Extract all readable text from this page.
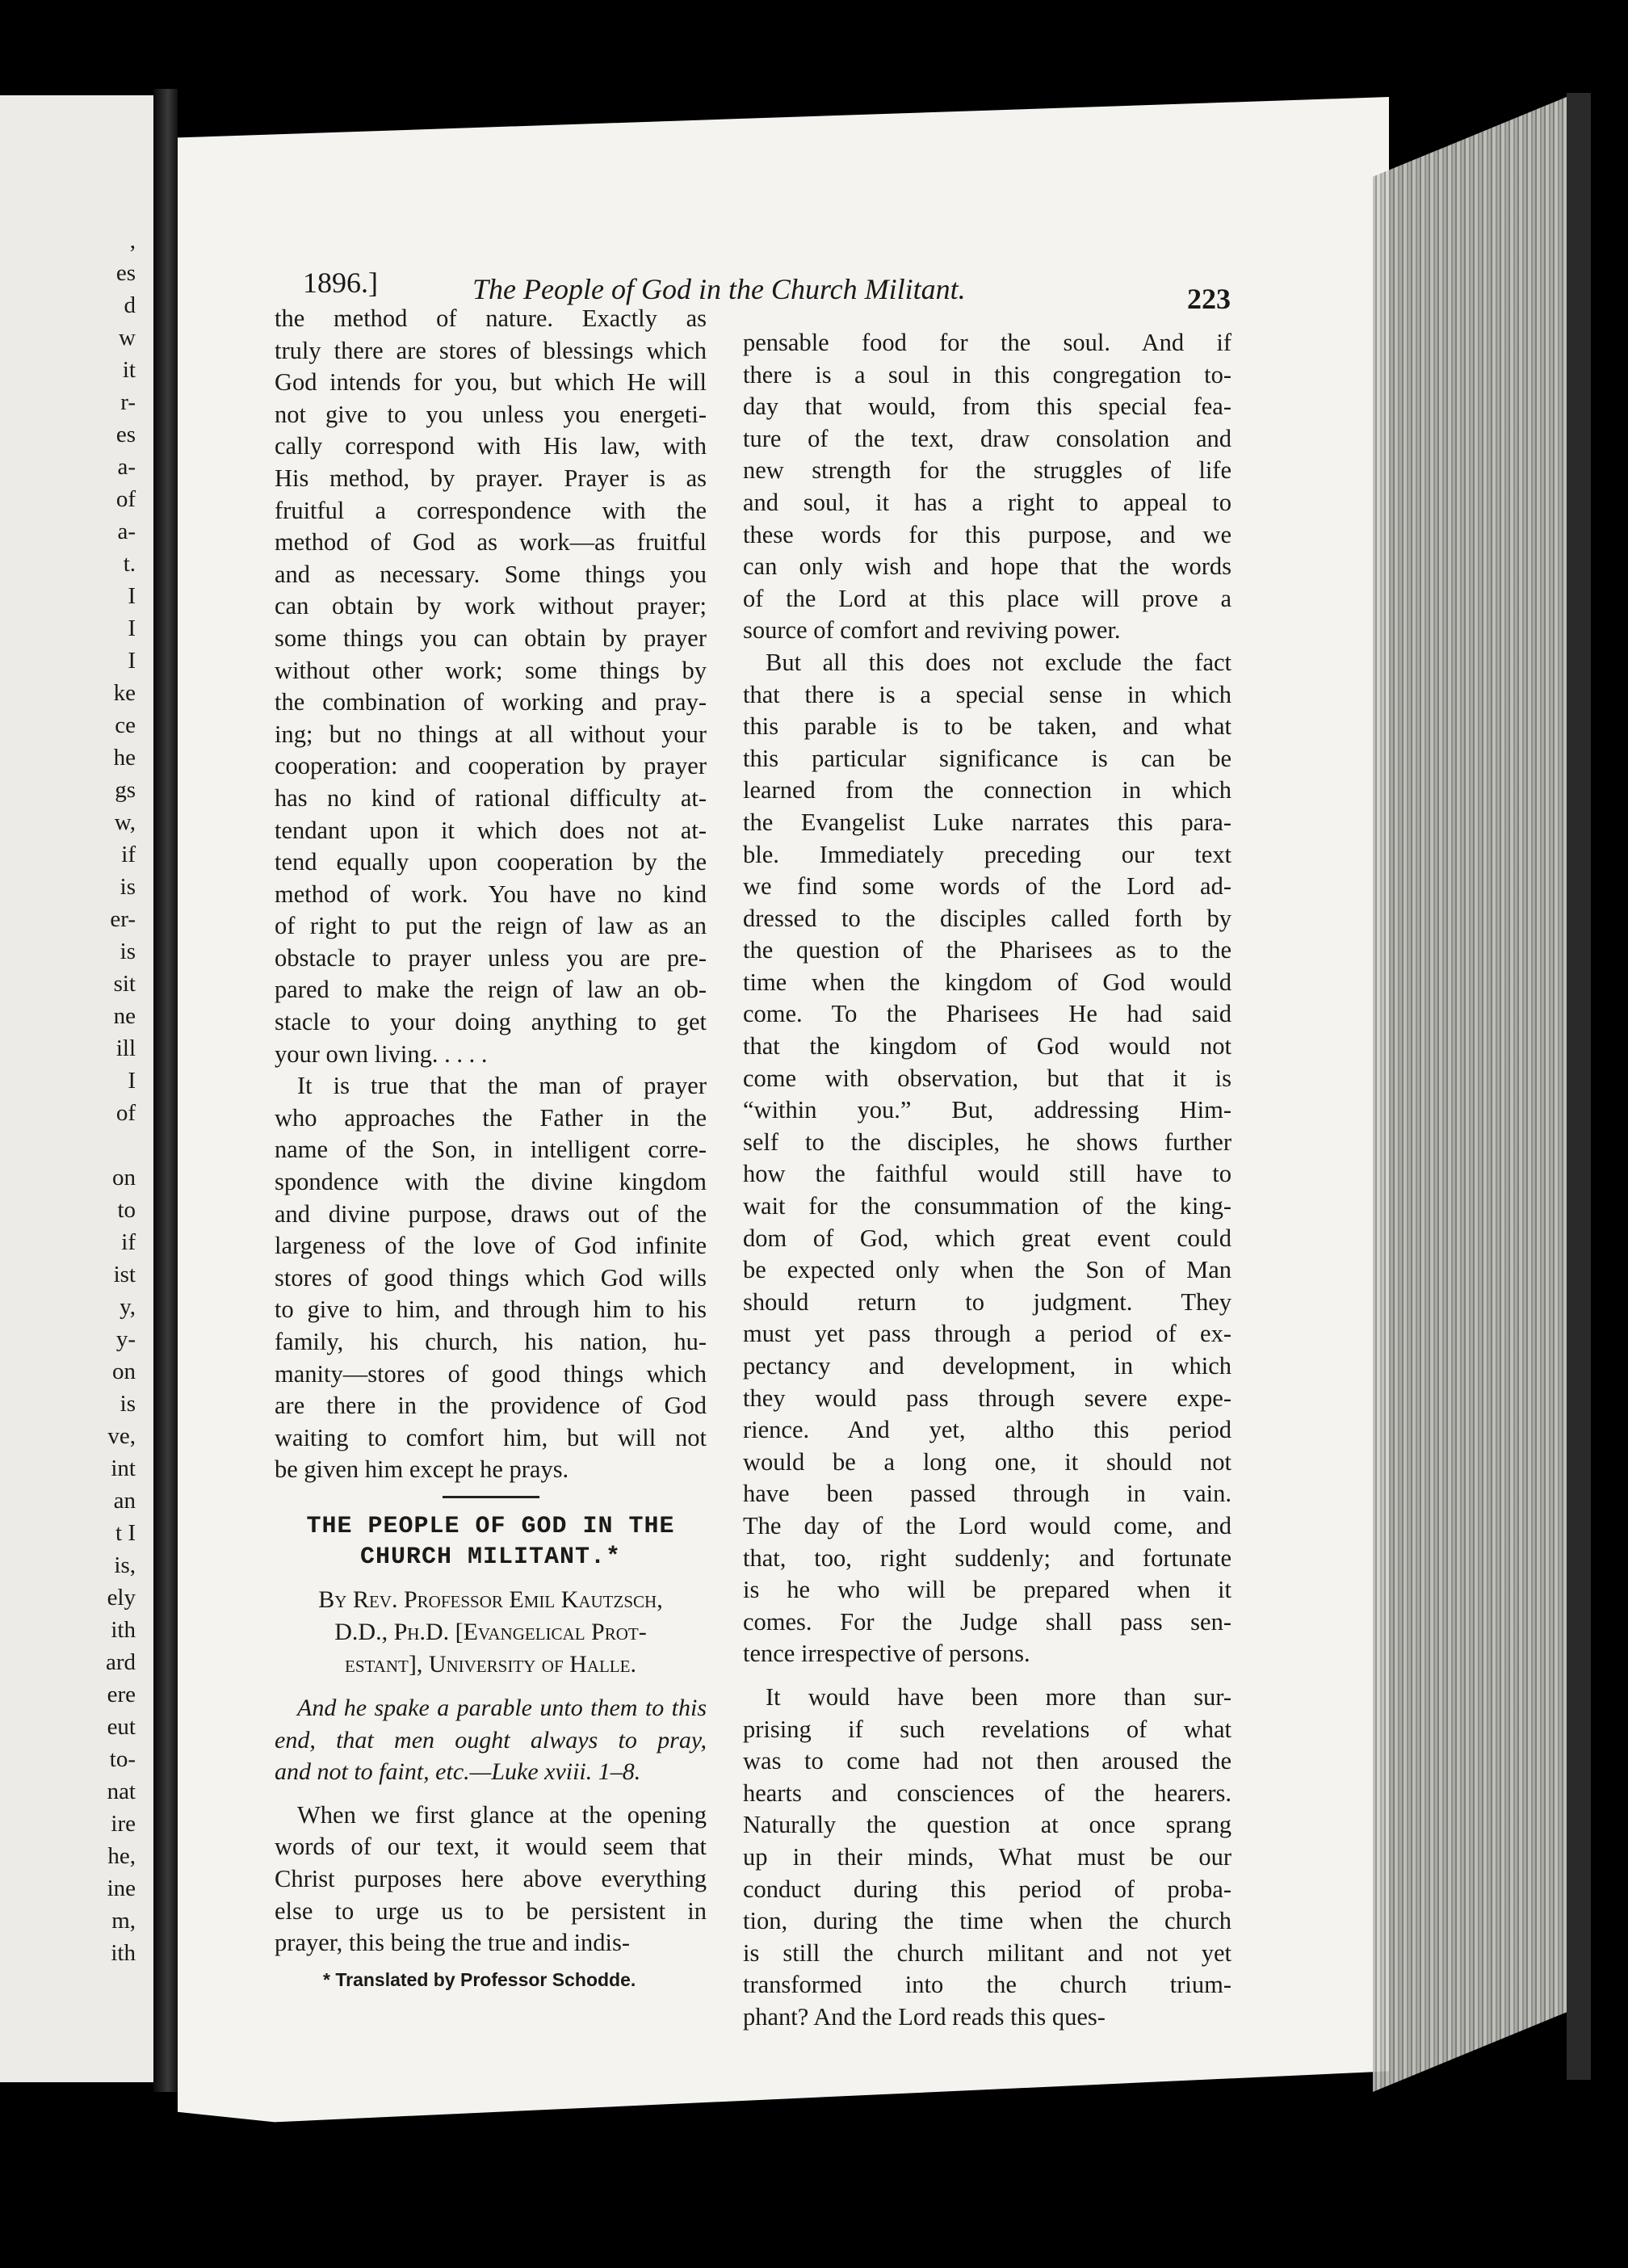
,
es
d
w
it
r-
es
a-
of
a-
t.
I
I
I
ke
ce
he
gs
w,
if
is
er-
is
sit
ne
ill
I
of
on
to
if
ist
y,
y-
on
is
ve,
int
an
t I
is,
ely
ith
ard
ere
eut
to-
nat
ire
he,
ine
m,
ith
1896.]	The People of God in the Church Militant.	223
the method of nature. Exactly as
truly there are stores of blessings which
God intends for you, but which He will
not give to you unless you energeti-
cally correspond with His law, with
His method, by prayer. Prayer is as
fruitful a correspondence with the
method of God as work—as fruitful
and as necessary. Some things you
can obtain by work without prayer;
some things you can obtain by prayer
without other work; some things by
the combination of working and pray-
ing; but no things at all without your
cooperation: and cooperation by prayer
has no kind of rational difficulty at-
tendant upon it which does not at-
tend equally upon cooperation by the
method of work. You have no kind
of right to put the reign of law as an
obstacle to prayer unless you are pre-
pared to make the reign of law an ob-
stacle to your doing anything to get
your own living. . . . .
It is true that the man of prayer
who approaches the Father in the
name of the Son, in intelligent corre-
spondence with the divine kingdom
and divine purpose, draws out of the
largeness of the love of God infinite
stores of good things which God wills
to give to him, and through him to his
family, his church, his nation, hu-
manity—stores of good things which
are there in the providence of God
waiting to comfort him, but will not
be given him except he prays.
THE PEOPLE OF GOD IN THE
CHURCH MILITANT.*
By Rev. Professor Emil Kautzsch,
D.D., Ph.D. [Evangelical Prot-
estant], University of Halle.
And he spake a parable unto them to this
end, that men ought always to pray,
and not to faint, etc.—Luke xviii. 1–8.
When we first glance at the opening
words of our text, it would seem that
Christ purposes here above everything
else to urge us to be persistent in
prayer, this being the true and indis-
* Translated by Professor Schodde.
pensable food for the soul. And if
there is a soul in this congregation to-
day that would, from this special fea-
ture of the text, draw consolation and
new strength for the struggles of life
and soul, it has a right to appeal to
these words for this purpose, and we
can only wish and hope that the words
of the Lord at this place will prove a
source of comfort and reviving power.
But all this does not exclude the fact
that there is a special sense in which
this parable is to be taken, and what
this particular significance is can be
learned from the connection in which
the Evangelist Luke narrates this para-
ble. Immediately preceding our text
we find some words of the Lord ad-
dressed to the disciples called forth by
the question of the Pharisees as to the
time when the kingdom of God would
come. To the Pharisees He had said
that the kingdom of God would not
come with observation, but that it is
“within you.” But, addressing Him-
self to the disciples, he shows further
how the faithful would still have to
wait for the consummation of the king-
dom of God, which great event could
be expected only when the Son of Man
should return to judgment. They
must yet pass through a period of ex-
pectancy and development, in which
they would pass through severe expe-
rience. And yet, altho this period
would be a long one, it should not
have been passed through in vain.
The day of the Lord would come, and
that, too, right suddenly; and fortunate
is he who will be prepared when it
comes. For the Judge shall pass sen-
tence irrespective of persons.
It would have been more than sur-
prising if such revelations of what
was to come had not then aroused the
hearts and consciences of the hearers.
Naturally the question at once sprang
up in their minds, What must be our
conduct during this period of proba-
tion, during the time when the church
is still the church militant and not yet
transformed into the church trium-
phant? And the Lord reads this ques-
